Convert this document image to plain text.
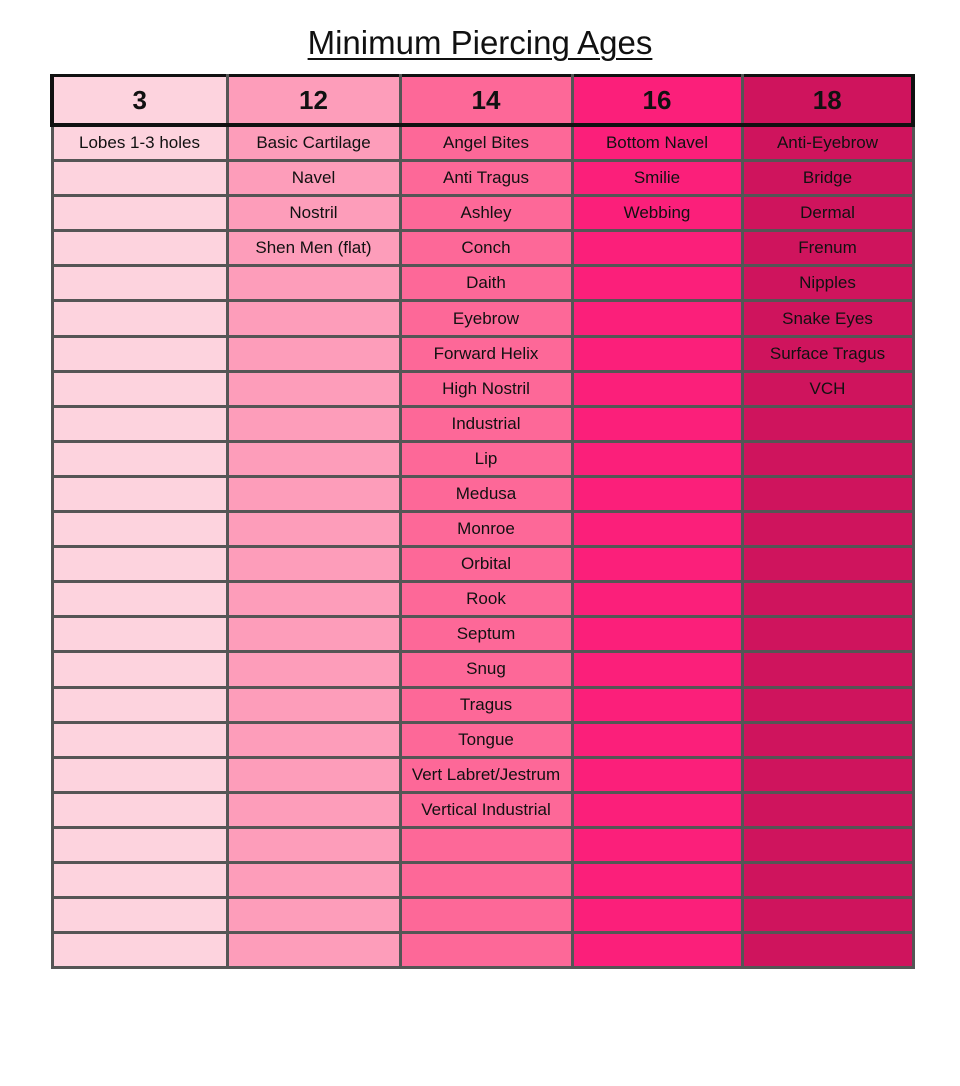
Minimum Piercing Ages
3	12	14	16	18
Lobes 1-3 holes	Basic Cartilage	Angel Bites	Bottom Navel	Anti-Eyebrow
	Navel	Anti Tragus	Smilie	Bridge
	Nostril	Ashley	Webbing	Dermal
	Shen Men (flat)	Conch		Frenum
		Daith		Nipples
		Eyebrow		Snake Eyes
		Forward Helix		Surface Tragus
		High Nostril		VCH
		Industrial		
		Lip		
		Medusa		
		Monroe		
		Orbital		
		Rook		
		Septum		
		Snug		
		Tragus		
		Tongue		
		Vert Labret/Jestrum		
		Vertical Industrial		
